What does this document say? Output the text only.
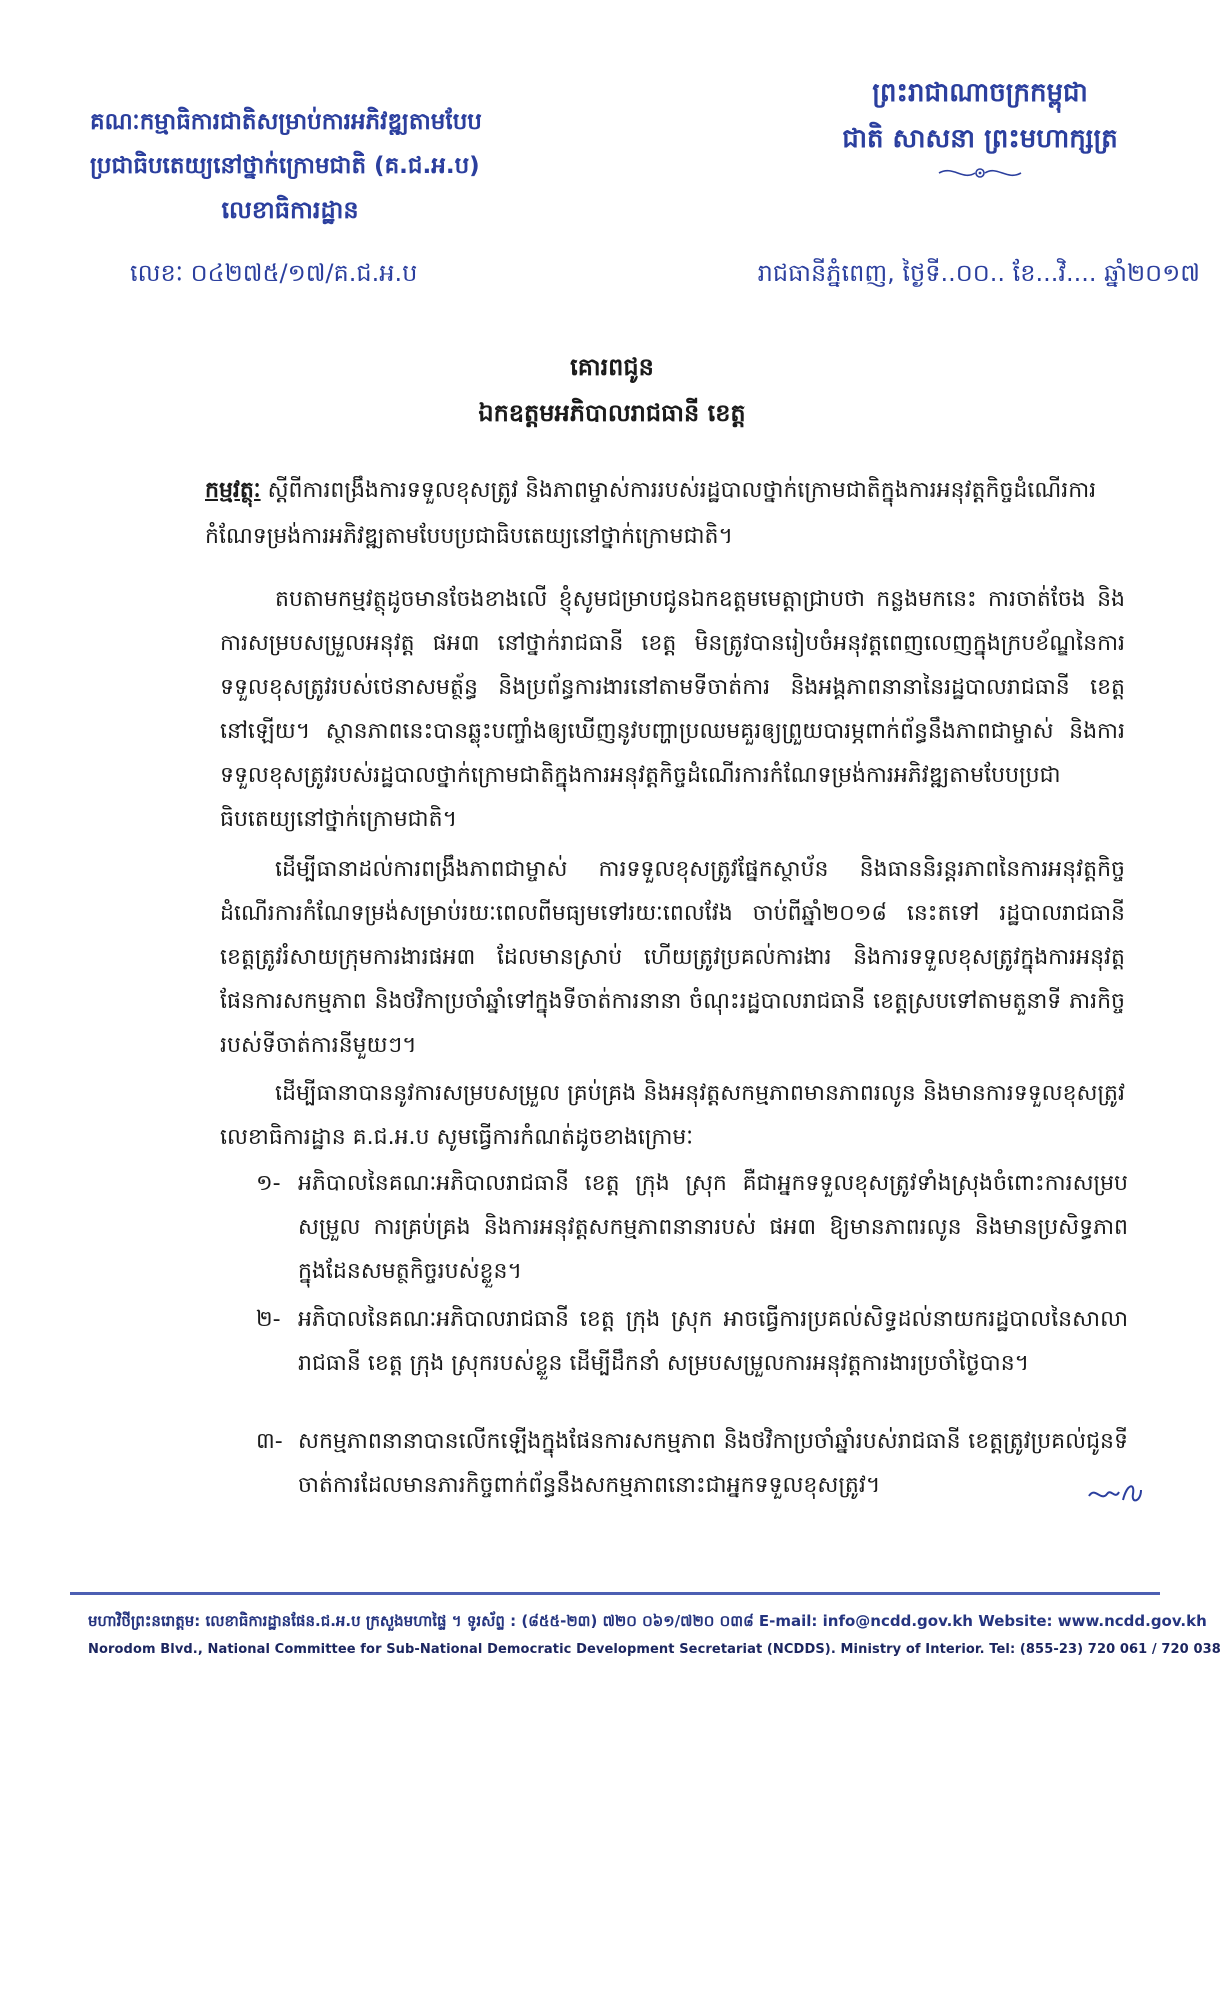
គណៈកម្មាធិការជាតិសម្រាប់ការអភិវឌ្ឍតាមបែប
ប្រជាធិបតេយ្យនៅថ្នាក់ក្រោមជាតិ (គ.ជ.អ.ប)
លេខាធិការដ្ឋាន
លេខៈ ០៤២៧៥/១៧/គ.ជ.អ.ប
ព្រះរាជាណាចក្រកម្ពុជា
ជាតិ សាសនា ព្រះមហាក្សត្រ
រាជធានីភ្នំពេញ, ថ្ងៃទី..០០.. ខែ...វិ.... ឆ្នាំ២០១៧
គោរពជូន
ឯកឧត្តមអភិបាលរាជធានី ខេត្ត
កម្មវត្ថុៈ ស្តីពីការពង្រឹងការទទួលខុសត្រូវ និងភាពម្ចាស់ការរបស់រដ្ឋបាលថ្នាក់ក្រោមជាតិក្នុងការអនុវត្តកិច្ចដំណើរការកំណែទម្រង់ការអភិវឌ្ឍតាមបែបប្រជាធិបតេយ្យនៅថ្នាក់ក្រោមជាតិ។
តបតាមកម្មវត្ថុដូចមានចែងខាងលើ ខ្ញុំសូមជម្រាបជូនឯកឧត្តមមេត្តាជ្រាបថា កន្លងមកនេះ ការចាត់ចែង និងការសម្របសម្រួលអនុវត្ត ផអ៣ នៅថ្នាក់រាជធានី ខេត្ត មិនត្រូវបានរៀបចំអនុវត្តពេញលេញក្នុងក្របខ័ណ្ឌនៃការទទួលខុសត្រូវរបស់ថេនាសមត្ថ័ន្ធ និងប្រព័ន្ធការងារនៅតាមទីចាត់ការ និងអង្គភាពនានានៃរដ្ឋបាលរាជធានី ខេត្តនៅឡើយ។ ស្ថានភាពនេះបានឆ្លុះបញ្ចាំងឲ្យឃើញនូវបញ្ហាប្រឈមគួរឲ្យព្រួយបារម្ភពាក់ព័ន្ធនឹងភាពជាម្ចាស់ និងការទទួលខុសត្រូវរបស់រដ្ឋបាលថ្នាក់ក្រោមជាតិក្នុងការអនុវត្តកិច្ចដំណើរការកំណែទម្រង់ការអភិវឌ្ឍតាមបែបប្រជាធិបតេយ្យនៅថ្នាក់ក្រោមជាតិ។
ដើម្បីធានាដល់ការពង្រឹងភាពជាម្ចាស់ ការទទួលខុសត្រូវផ្នែកស្ថាប័ន និងធាននិរន្តរភាពនៃការអនុវត្តកិច្ចដំណើរការកំណែទម្រង់សម្រាប់រយៈពេលពីមធ្យមទៅរយៈពេលវែង ចាប់ពីឆ្នាំ២០១៨ នេះតទៅ រដ្ឋបាលរាជធានី ខេត្តត្រូវរំសាយក្រុមការងារផអ៣ ដែលមានស្រាប់ ហើយត្រូវប្រគល់ការងារ និងការទទួលខុសត្រូវក្នុងការអនុវត្តផែនការសកម្មភាព និងថវិកាប្រចាំឆ្នាំទៅក្នុងទីចាត់ការនានា ចំណុះរដ្ឋបាលរាជធានី ខេត្តស្របទៅតាមតួនាទី ភារកិច្ចរបស់ទីចាត់ការនីមួយៗ។
ដើម្បីធានាបាននូវការសម្របសម្រួល គ្រប់គ្រង និងអនុវត្តសកម្មភាពមានភាពរលូន និងមានការទទួលខុសត្រូវ លេខាធិការដ្ឋាន គ.ជ.អ.ប សូមធ្វើការកំណត់ដូចខាងក្រោមៈ
១- អភិបាលនៃគណៈអភិបាលរាជធានី ខេត្ត ក្រុង ស្រុក គឺជាអ្នកទទួលខុសត្រូវទាំងស្រុងចំពោះការសម្របសម្រួល ការគ្រប់គ្រង និងការអនុវត្តសកម្មភាពនានារបស់ ផអ៣ ឱ្យមានភាពរលូន និងមានប្រសិទ្ធភាពក្នុងដែនសមត្ថកិច្ចរបស់ខ្លួន។
២- អភិបាលនៃគណៈអភិបាលរាជធានី ខេត្ត ក្រុង ស្រុក អាចធ្វើការប្រគល់សិទ្ធដល់នាយករដ្ឋបាលនៃសាលារាជធានី ខេត្ត ក្រុង ស្រុករបស់ខ្លួន ដើម្បីដឹកនាំ សម្របសម្រួលការអនុវត្តការងារប្រចាំថ្ងៃបាន។
៣- សកម្មភាពនានាបានលើកឡើងក្នុងផែនការសកម្មភាព និងថវិកាប្រចាំឆ្នាំរបស់រាជធានី ខេត្តត្រូវប្រគល់ជូនទីចាត់ការដែលមានភារកិច្ចពាក់ព័ន្ធនឹងសកម្មភាពនោះជាអ្នកទទួលខុសត្រូវ។
មហាវិថីព្រះនរោត្តម: លេខាធិការដ្ឋានផែន.ជ.អ.ប ក្រសួងមហាផ្ទៃ ។ ទូរស័ព្ទ : (៨៥៥-២៣) ៧២០ ០៦១/៧២០ ០៣៨ E-mail: info@ncdd.gov.kh Website: www.ncdd.gov.kh
Norodom Blvd., National Committee for Sub-National Democratic Development Secretariat (NCDDS). Ministry of Interior. Tel: (855-23) 720 061 / 720 038
